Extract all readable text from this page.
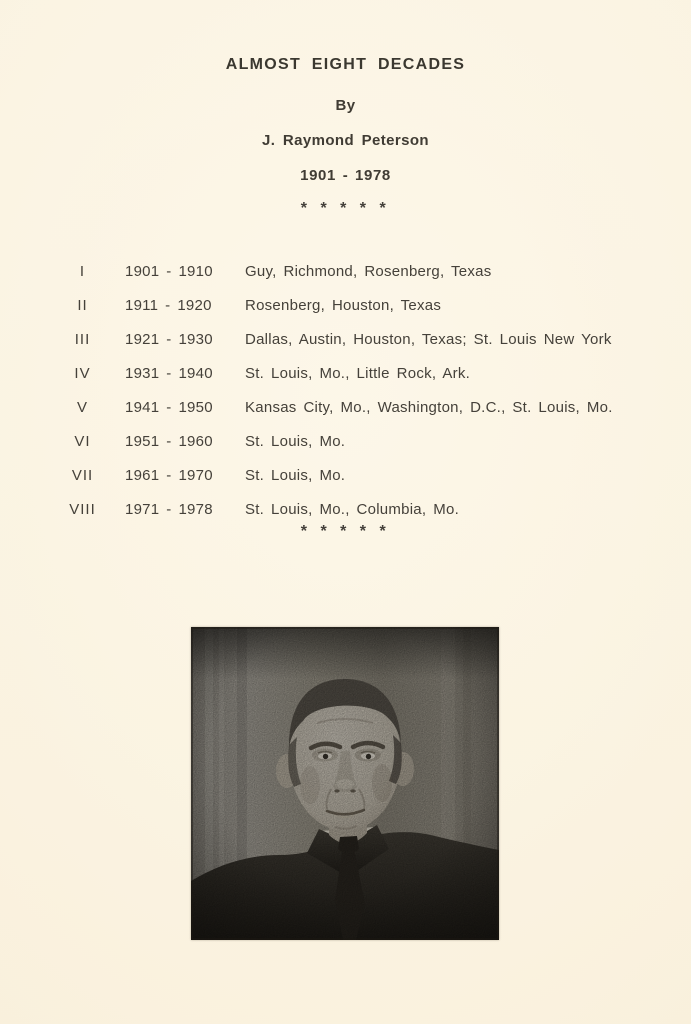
ALMOST EIGHT DECADES
By
J. Raymond Peterson
1901 - 1978
* * * * *
I	1901 - 1910	Guy, Richmond, Rosenberg, Texas
II	1911 - 1920	Rosenberg, Houston, Texas
III	1921 - 1930	Dallas, Austin, Houston, Texas; St. Louis New York
IV	1931 - 1940	St. Louis, Mo., Little Rock, Ark.
V	1941 - 1950	Kansas City, Mo., Washington, D.C., St. Louis, Mo.
VI	1951 - 1960	St. Louis, Mo.
VII	1961 - 1970	St. Louis, Mo.
VIII	1971 - 1978	St. Louis, Mo., Columbia, Mo.
* * * * *
